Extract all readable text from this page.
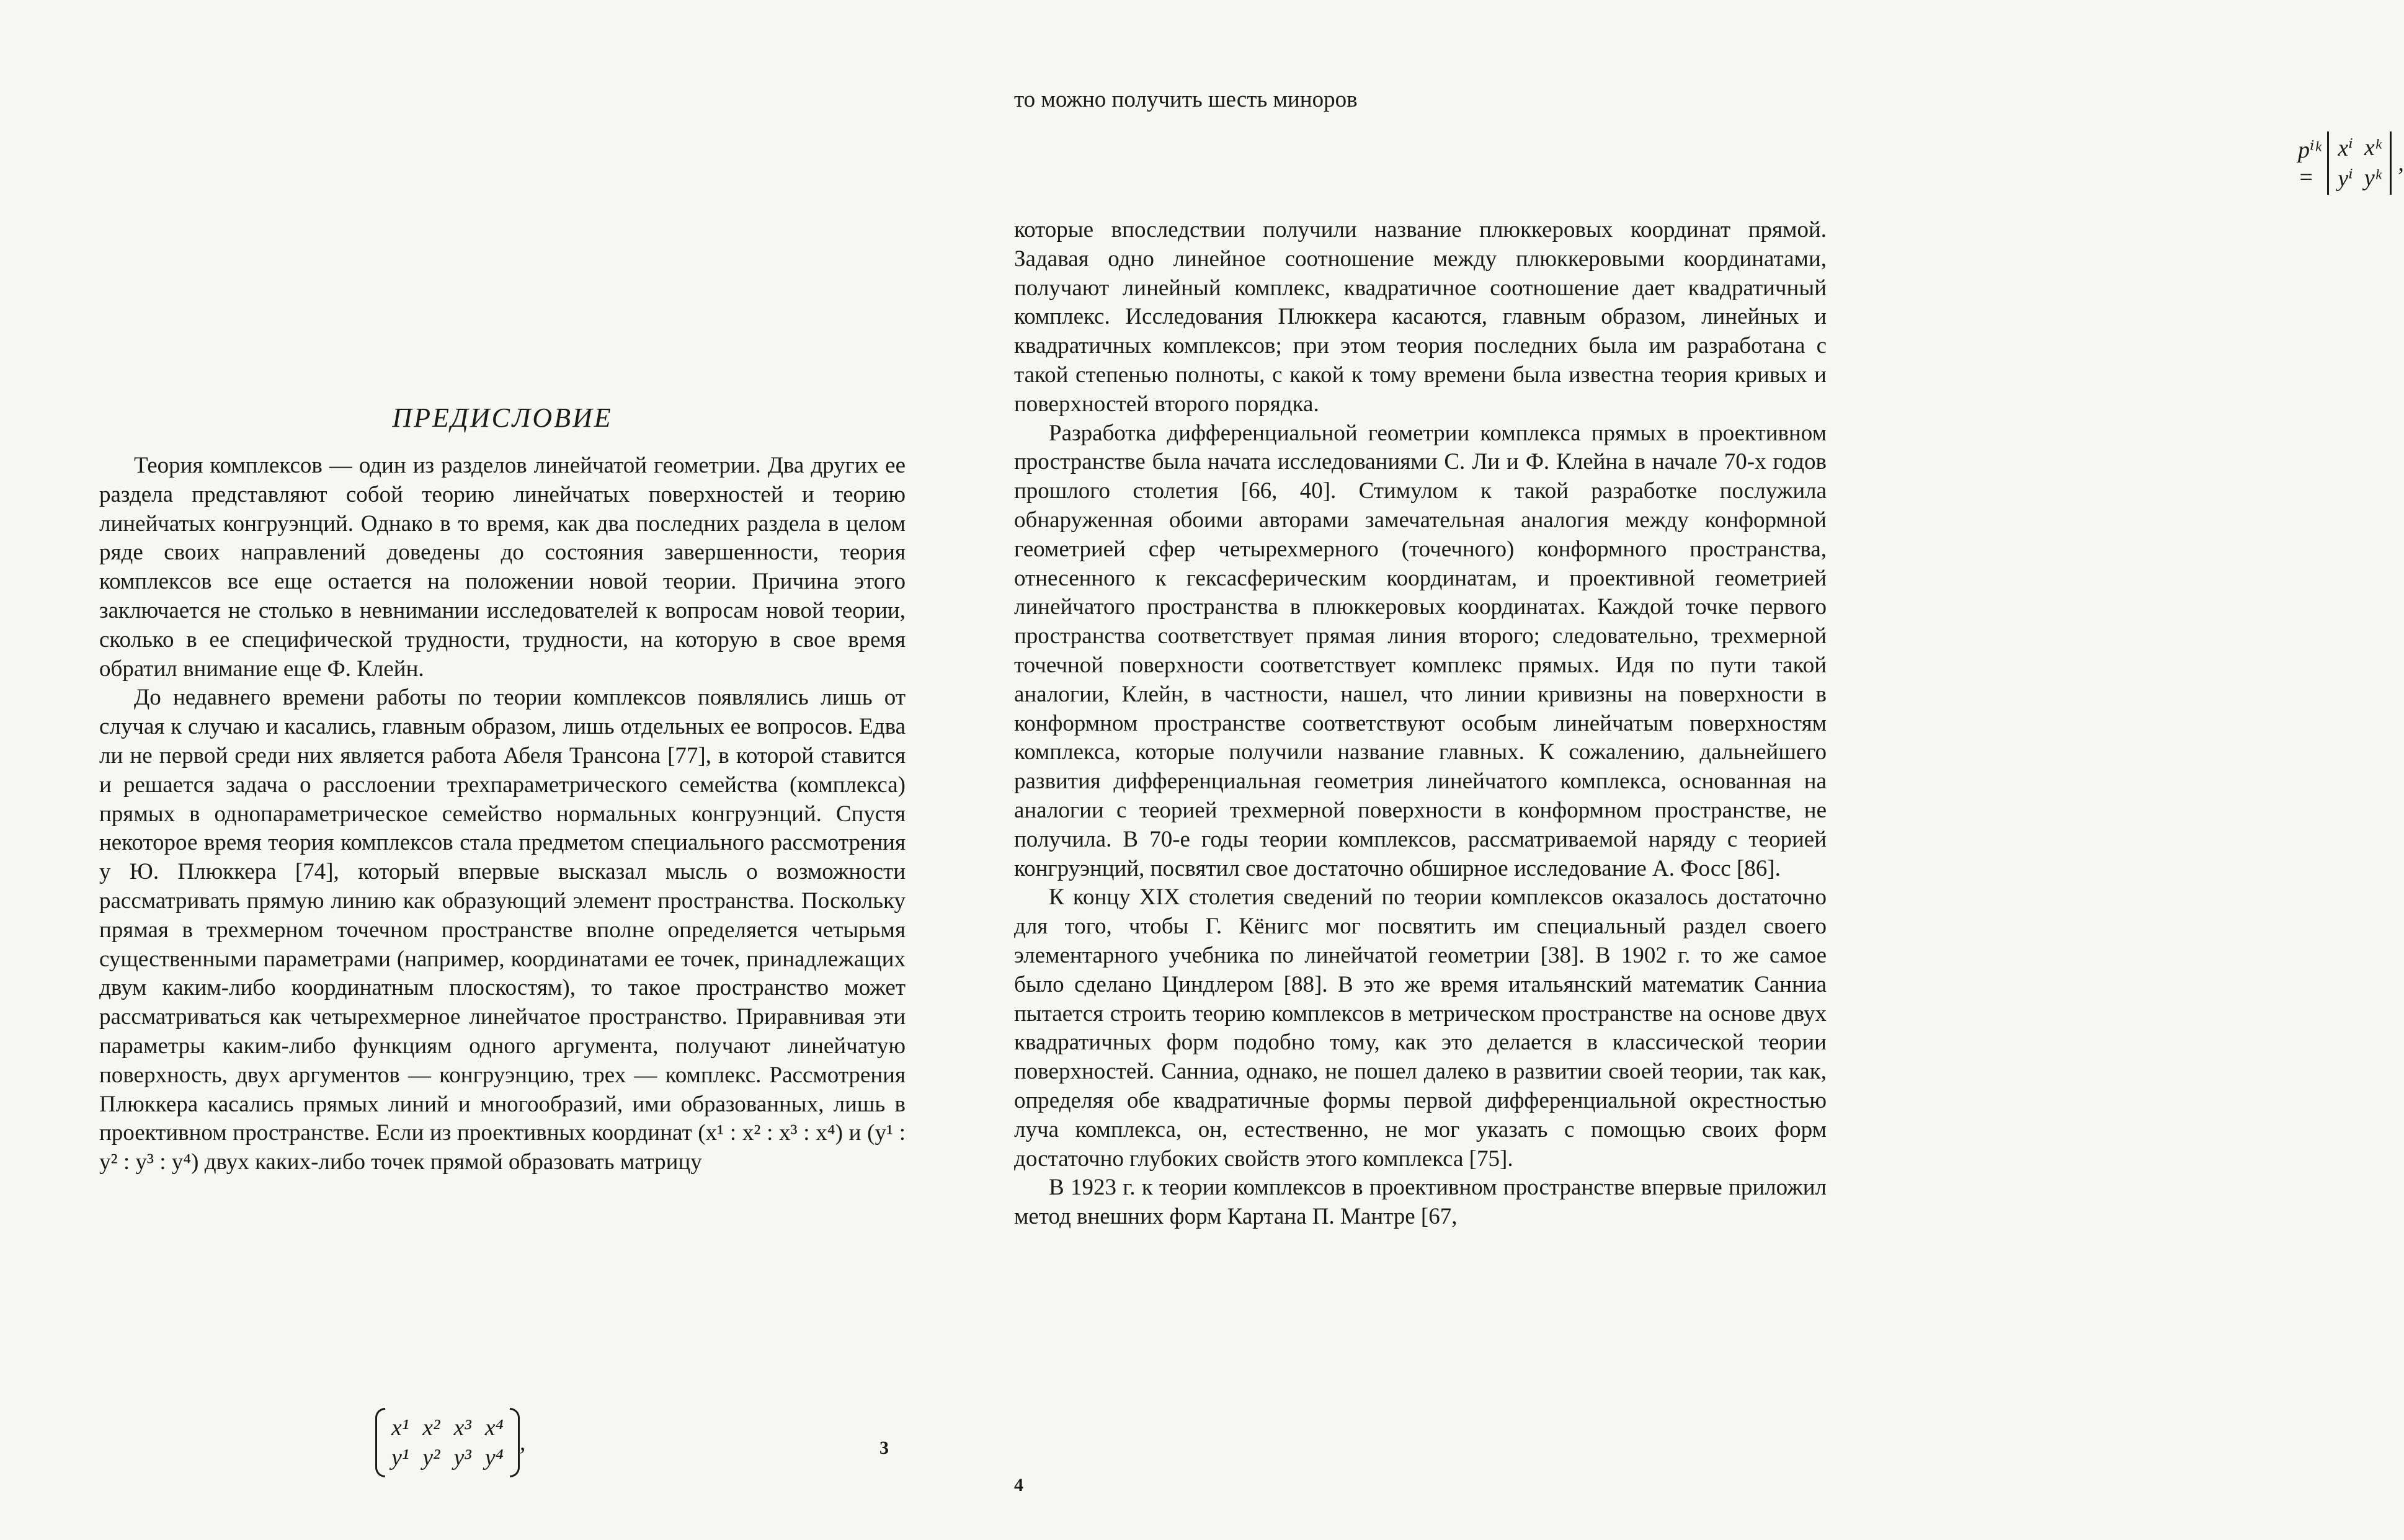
ПРЕДИСЛОВИЕ

Теория комплексов — один из разделов линейчатой геометрии. Два других ее раздела представляют собой теорию линейчатых поверхностей и теорию линейчатых конгруэнций. Однако в то время, как два последних раздела в целом ряде своих направлений доведены до состояния завершенности, теория комплексов все еще остается на положении новой теории. Причина этого заключается не столько в невнимании исследователей к вопросам новой теории, сколько в ее специфической трудности, трудности, на которую в свое время обратил внимание еще Ф. Клейн.

До недавнего времени работы по теории комплексов появлялись лишь от случая к случаю и касались, главным образом, лишь отдельных ее вопросов. Едва ли не первой среди них является работа Абеля Трансона [77], в которой ставится и решается задача о расслоении трехпараметрического семейства (комплекса) прямых в однопараметрическое семейство нормальных конгруэнций. Спустя некоторое время теория комплексов стала предметом специального рассмотрения у Ю. Плюккера [74], который впервые высказал мысль о возможности рассматривать прямую линию как образующий элемент пространства. Поскольку прямая в трехмерном точечном пространстве вполне определяется четырьмя существенными параметрами (например, координатами ее точек, принадлежащих двум каким-либо координатным плоскостям), то такое пространство может рассматриваться как четырехмерное линейчатое пространство. Приравнивая эти параметры каким-либо функциям одного аргумента, получают линейчатую поверхность, двух аргументов — конгруэнцию, трех — комплекс. Рассмотрения Плюккера касались прямых линий и многообразий, ими образованных, лишь в проективном пространстве. Если из проективных координат (x¹ : x² : x³ : x⁴) и (y¹ : y² : y³ : y⁴) двух каких-либо точек прямой образовать матрицу

x¹ x² x³ x⁴
y¹ y² y³ y⁴
,	3
то можно получить шесть миноров
pⁱᵏ =
xⁱ xᵏ
yⁱ yᵏ
,

которые впоследствии получили название плюккеровых координат прямой. Задавая одно линейное соотношение между плюккеровыми координатами, получают линейный комплекс, квадратичное соотношение дает квадратичный комплекс. Исследования Плюккера касаются, главным образом, линейных и квадратичных комплексов; при этом теория последних была им разработана с такой степенью полноты, с какой к тому времени была известна теория кривых и поверхностей второго порядка.

Разработка дифференциальной геометрии комплекса прямых в проективном пространстве была начата исследованиями С. Ли и Ф. Клейна в начале 70-х годов прошлого столетия [66, 40]. Стимулом к такой разработке послужила обнаруженная обоими авторами замечательная аналогия между конформной геометрией сфер четырехмерного (точечного) конформного пространства, отнесенного к гексасферическим координатам, и проективной геометрией линейчатого пространства в плюккеровых координатах. Каждой точке первого пространства соответствует прямая линия второго; следовательно, трехмерной точечной поверхности соответствует комплекс прямых. Идя по пути такой аналогии, Клейн, в частности, нашел, что линии кривизны на поверхности в конформном пространстве соответствуют особым линейчатым поверхностям комплекса, которые получили название главных. К сожалению, дальнейшего развития дифференциальная геометрия линейчатого комплекса, основанная на аналогии с теорией трехмерной поверхности в конформном пространстве, не получила. В 70-е годы теории комплексов, рассматриваемой наряду с теорией конгруэнций, посвятил свое достаточно обширное исследование А. Фосс [86].

К концу XIX столетия сведений по теории комплексов оказалось достаточно для того, чтобы Г. Кёнигс мог посвятить им специальный раздел своего элементарного учебника по линейчатой геометрии [38]. В 1902 г. то же самое было сделано Циндлером [88]. В это же время итальянский математик Санниа пытается строить теорию комплексов в метрическом пространстве на основе двух квадратичных форм подобно тому, как это делается в классической теории поверхностей. Санниа, однако, не пошел далеко в развитии своей теории, так как, определяя обе квадратичные формы первой дифференциальной окрестностью луча комплекса, он, естественно, не мог указать с помощью своих форм достаточно глубоких свойств этого комплекса [75].

В 1923 г. к теории комплексов в проективном пространстве впервые приложил метод внешних форм Картана П. Мантре [67,

4
